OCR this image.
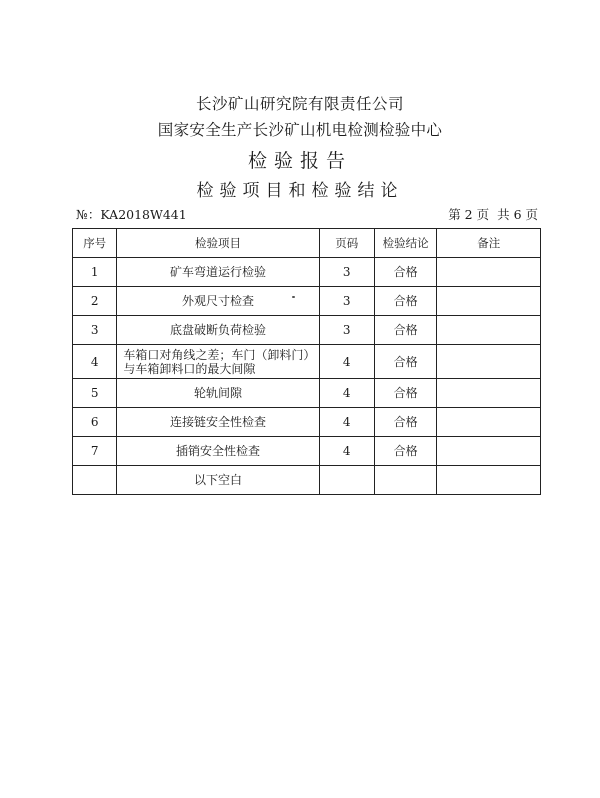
长沙矿山研究院有限责任公司
国家安全生产长沙矿山机电检测检验中心
检验报告
检验项目和检验结论
№：KA2018W441	第 2 页 共 6 页
序号	检验项目	页码	检验结论	备注
1	矿车弯道运行检验	3	合格	
2	外观尺寸检查	3	合格	
3	底盘破断负荷检验	3	合格	
4	车箱口对角线之差；车门（卸料门）与车箱卸料口的最大间隙	4	合格	
5	轮轨间隙	4	合格	
6	连接链安全性检查	4	合格	
7	插销安全性检查	4	合格	
	以下空白			
